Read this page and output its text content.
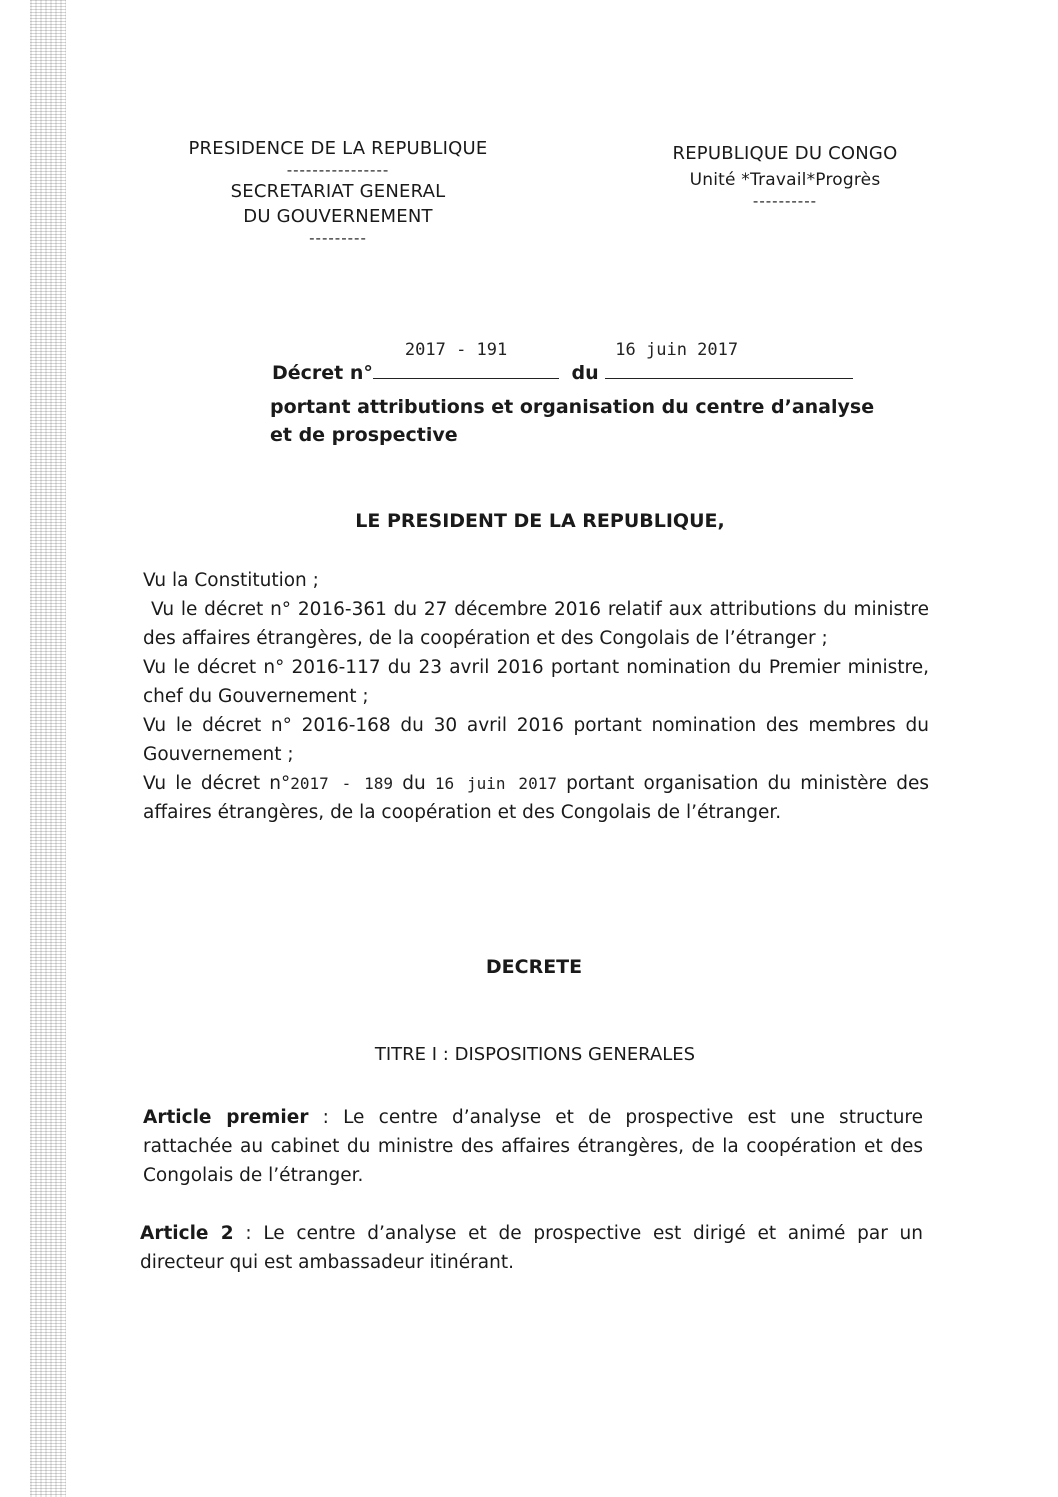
PRESIDENCE DE LA REPUBLIQUE
----------------
SECRETARIAT GENERAL
DU GOUVERNEMENT
---------
REPUBLIQUE DU CONGO
Unité *Travail*Progrès
----------
Décret n°
2017 - 191
du
16 juin 2017
portant attributions et organisation du centre d’analyse
et de prospective
LE PRESIDENT DE LA REPUBLIQUE,

Vu la Constitution ;

Vu le décret n° 2016-361 du 27 décembre 2016 relatif aux attributions du ministre des affaires étrangères, de la coopération et des Congolais de l’étranger ;

Vu le décret n° 2016-117 du 23 avril 2016 portant nomination du Premier ministre, chef du Gouvernement ;

Vu le décret n° 2016-168 du 30 avril 2016 portant nomination des membres du Gouvernement ;

Vu le décret n°2017 - 189 du 16 juin 2017 portant organisation du ministère des affaires étrangères, de la coopération et des Congolais de l’étranger.

DECRETE
TITRE I : DISPOSITIONS GENERALES

Article premier : Le centre d’analyse et de prospective est une structure rattachée au cabinet du ministre des affaires étrangères, de la coopération et des Congolais de l’étranger.

Article 2 : Le centre d’analyse et de prospective est dirigé et animé par un directeur qui est ambassadeur itinérant.
